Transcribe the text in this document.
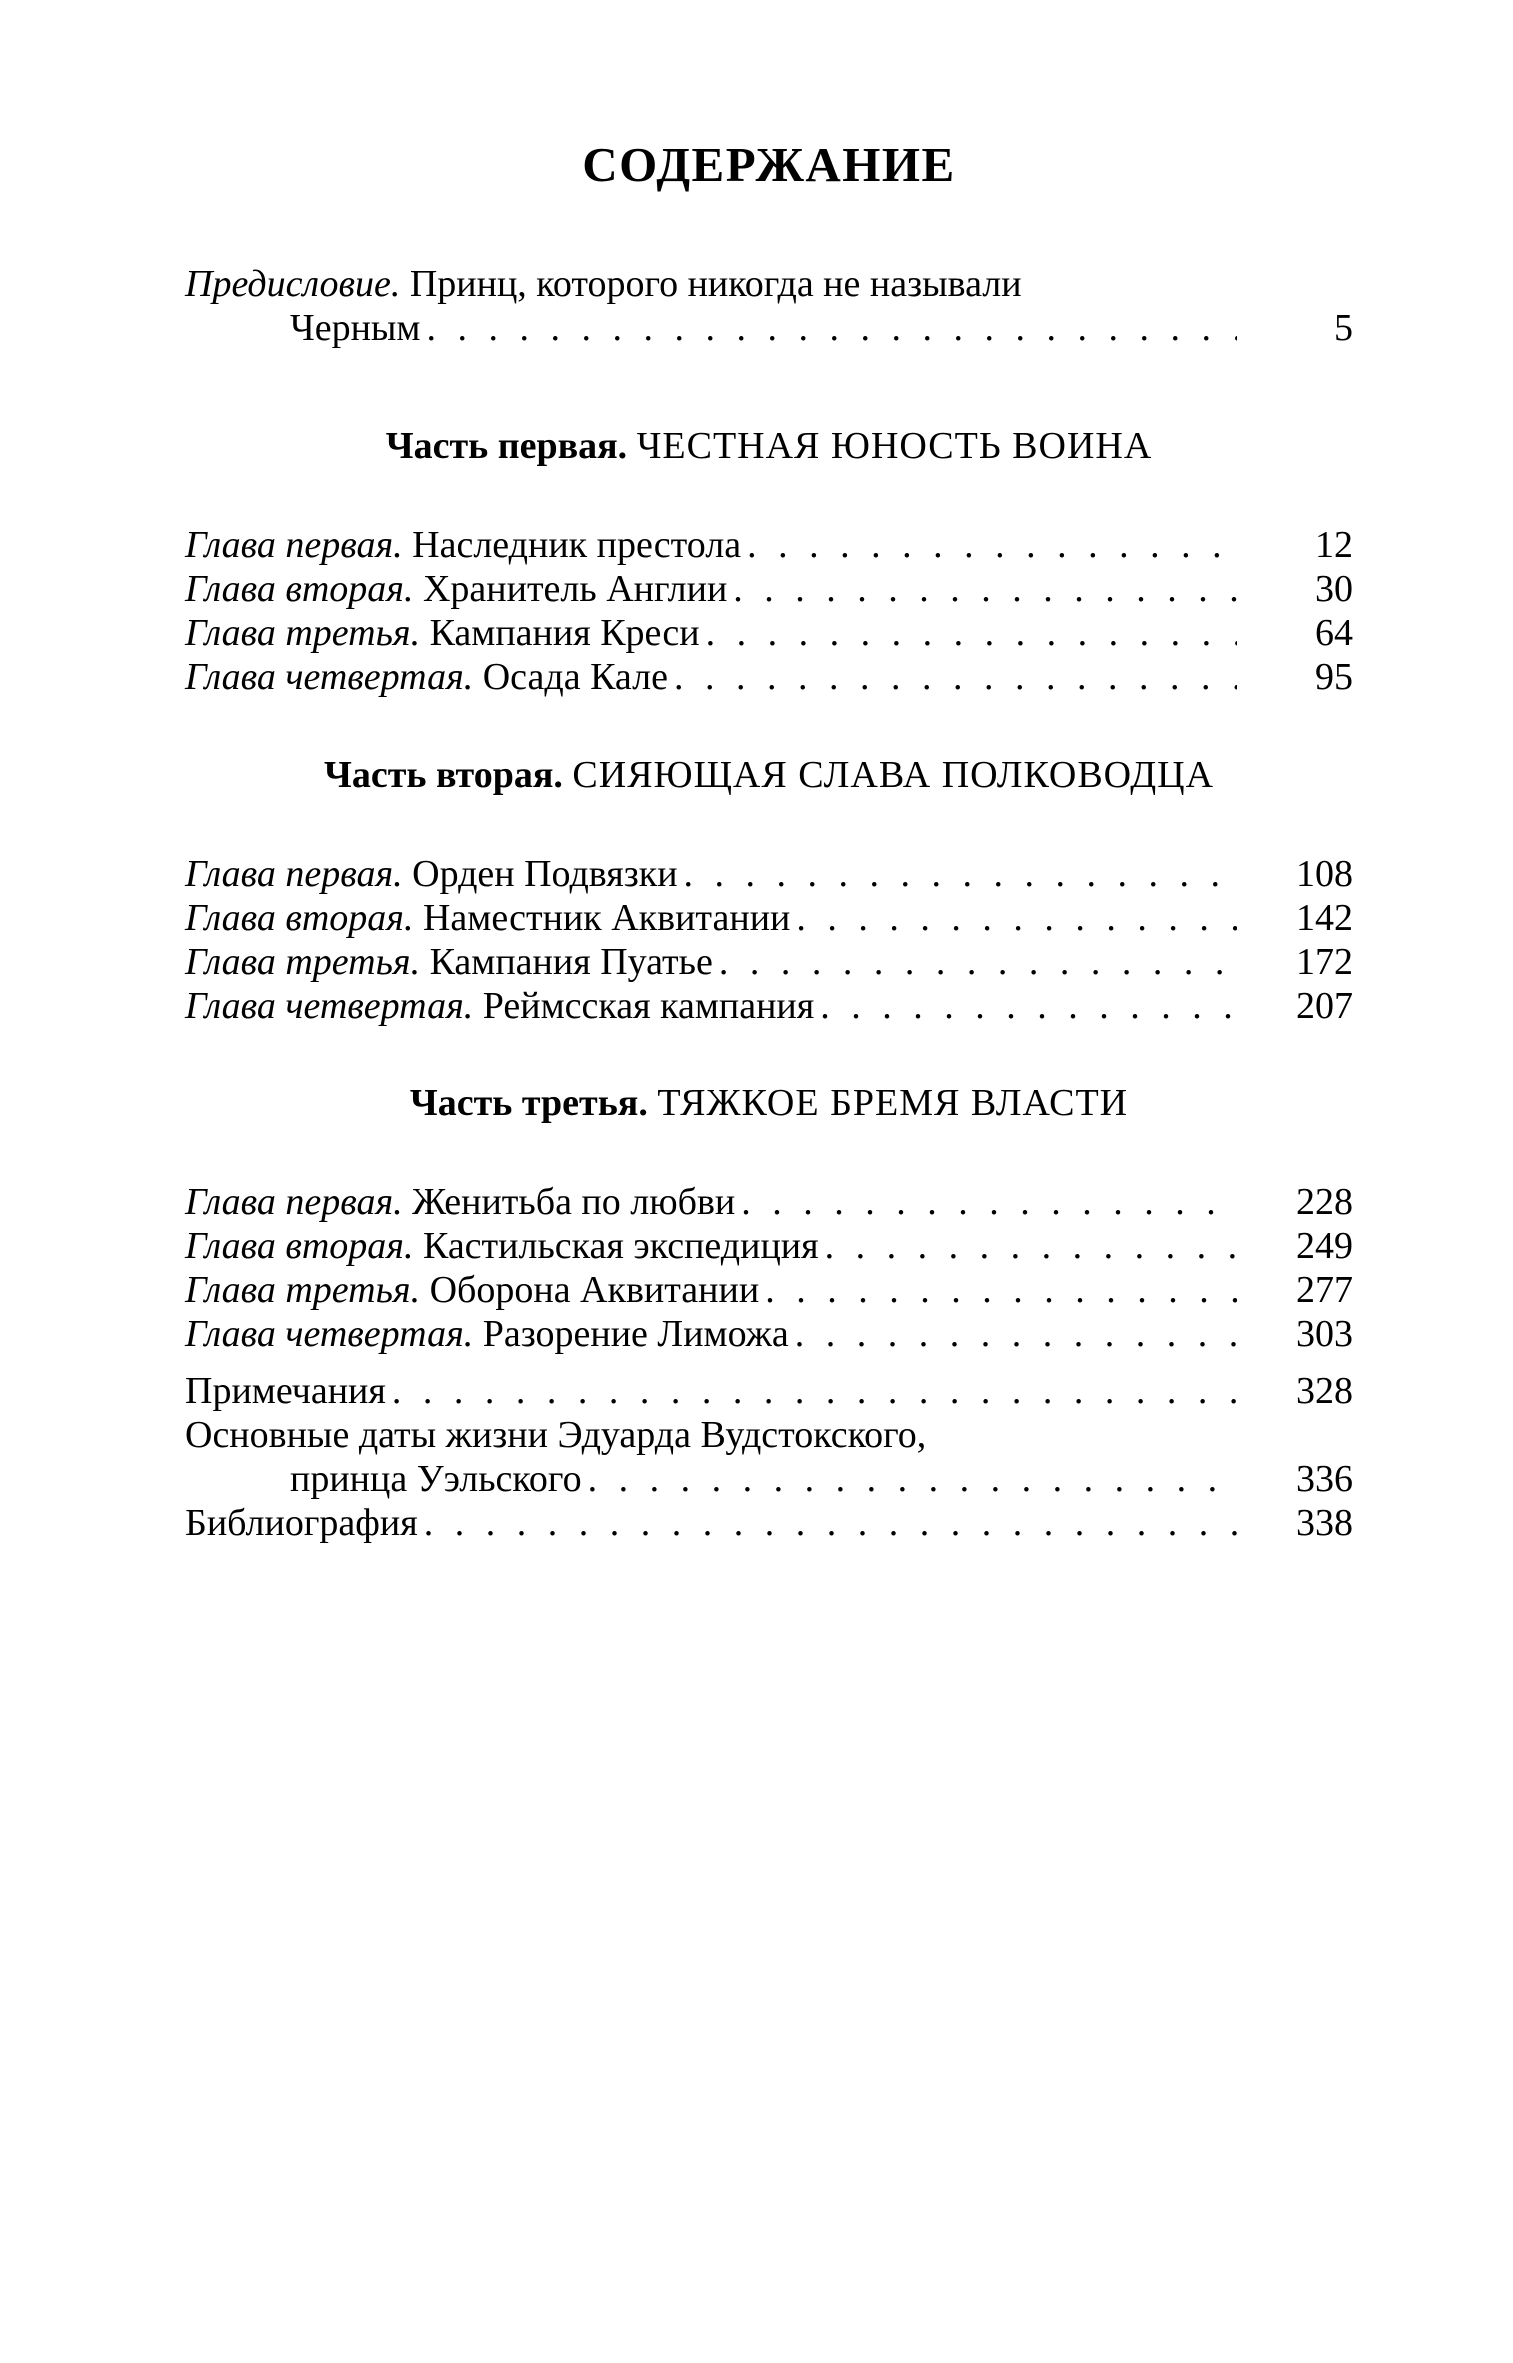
СОДЕРЖАНИЕ
Предисловие. Принц, которого никогда не называли
Черным . . .	5

Часть первая. ЧЕСТНАЯ ЮНОСТЬ ВОИНА

Глава первая. Наследник престола . . .	12
Глава вторая. Хранитель Англии . . .	30
Глава третья. Кампания Креси . . .	64
Глава четвертая. Осада Кале . . .	95

Часть вторая. СИЯЮЩАЯ СЛАВА ПОЛКОВОДЦА

Глава первая. Орден Подвязки . . .	108
Глава вторая. Наместник Аквитании . . .	142
Глава третья. Кампания Пуатье . . .	172
Глава четвертая. Реймсская кампания . . .	207

Часть третья. ТЯЖКОЕ БРЕМЯ ВЛАСТИ

Глава первая. Женитьба по любви . . .	228
Глава вторая. Кастильская экспедиция . . .	249
Глава третья. Оборона Аквитании . . .	277
Глава четвертая. Разорение Лиможа . . .	303
Примечания . . .	328
Основные даты жизни Эдуарда Вудстокского,
принца Уэльского . . .	336
Библиография . . .	338
